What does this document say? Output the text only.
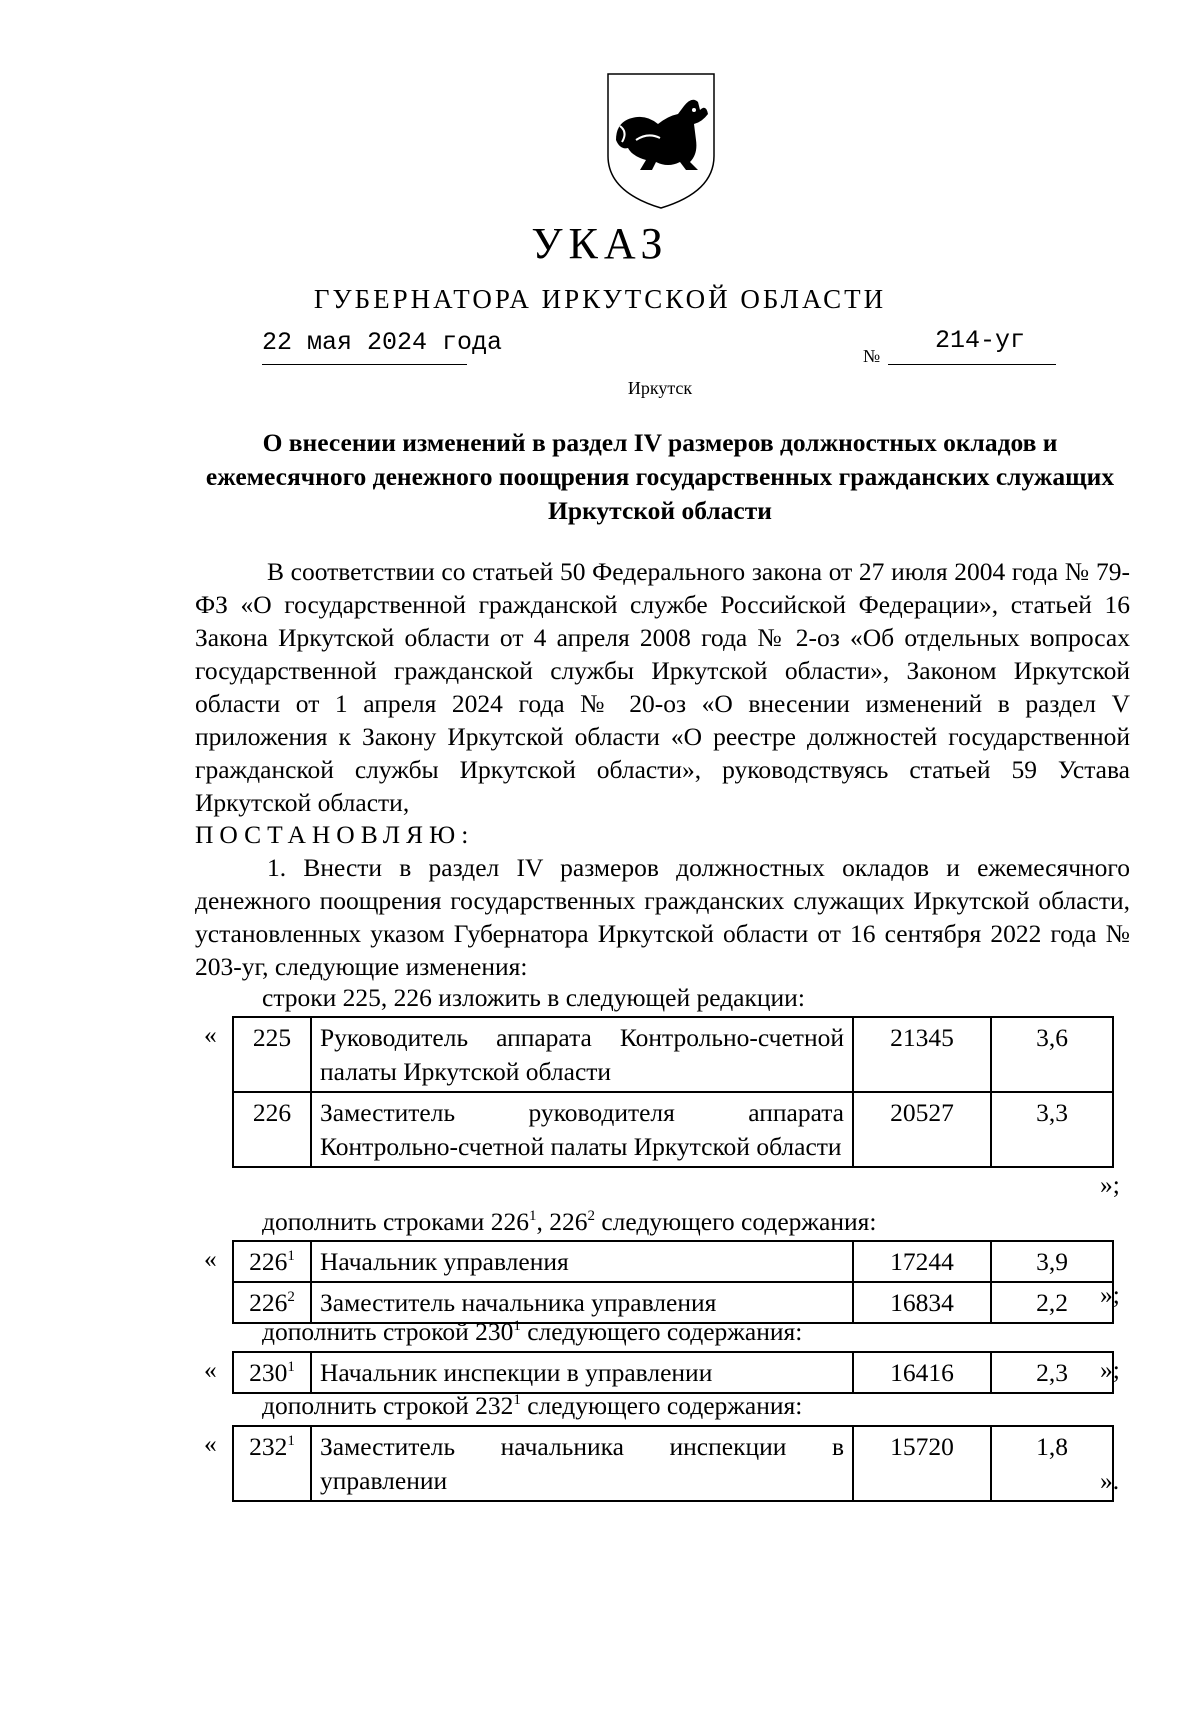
УКАЗ
ГУБЕРНАТОРА ИРКУТСКОЙ ОБЛАСТИ
22 мая 2024 года	№
214-уг
Иркутск
О внесении изменений в раздел IV размеров должностных окладов и ежемесячного денежного поощрения государственных гражданских служащих Иркутской области
В соответствии со статьей 50 Федерального закона от 27 июля 2004 года № 79-ФЗ «О государственной гражданской службе Российской Федерации», статьей 16 Закона Иркутской области от 4 апреля 2008 года № 2-оз «Об отдельных вопросах государственной гражданской службы Иркутской области», Законом Иркутской области от 1 апреля 2024 года № 20-оз «О внесении изменений в раздел V приложения к Закону Иркутской области «О реестре должностей государственной гражданской службы Иркутской области», руководствуясь статьей 59 Устава Иркутской области,
ПОСТАНОВЛЯЮ:
1. Внести в раздел IV размеров должностных окладов и ежемесячного денежного поощрения государственных гражданских служащих Иркутской области, установленных указом Губернатора Иркутской области от 16 сентября 2022 года № 203-уг, следующие изменения:
строки 225, 226 изложить в следующей редакции:
« 225	Руководитель аппарата Контрольно-счетной палаты Иркутской области	21345	3,6
226	Заместитель руководителя аппарата Контрольно-счетной палаты Иркутской области	20527	3,3
»;
дополнить строками $226^1$, $226^2$ следующего содержания:
« $226^1$	Начальник управления	17244	3,9
$226^2$	Заместитель начальника управления	16834	2,2 »;
дополнить строкой $230^1$ следующего содержания:
« $230^1$	Начальник инспекции в управлении	16416	2,3 »;
дополнить строкой $232^1$ следующего содержания:
« $232^1$	Заместитель начальника инспекции в управлении	15720	1,8
».
